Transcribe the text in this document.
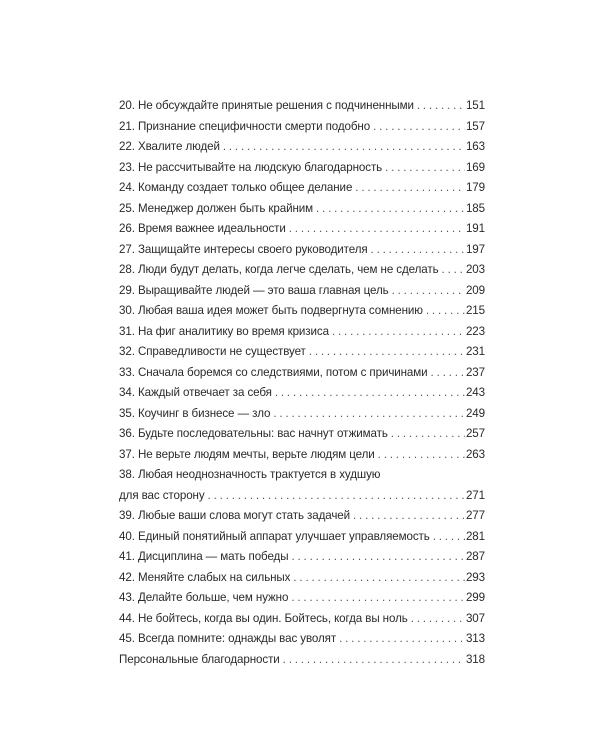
20. Не обсуждайте принятые решения с подчиненными . . .	151
21. Признание специфичности смерти подобно . . .	157
22. Хвалите людей . . .	163
23. Не рассчитывайте на людскую благодарность . . .	169
24. Команду создает только общее делание . . .	179
25. Менеджер должен быть крайним . . .	185
26. Время важнее идеальности . . .	191
27. Защищайте интересы своего руководителя . . .	197
28. Люди будут делать, когда легче сделать, чем не сделать . . . 203
29. Выращивайте людей — это ваша главная цель . . .	209
30. Любая ваша идея может быть подвергнута сомнению . . .	215
31. На фиг аналитику во время кризиса . . .	223
32. Справедливости не существует . . .	231
33. Сначала боремся со следствиями, потом с причинами . . .	237
34. Каждый отвечает за себя . . .	243
35. Коучинг в бизнесе — зло . . .	249
36. Будьте последовательны: вас начнут отжимать . . .	257
37. Не верьте людям мечты, верьте людям цели . . .	263
38. Любая неоднозначность трактуется в худшую
для вас сторону . . .	271
39. Любые ваши слова могут стать задачей . . .	277
40. Единый понятийный аппарат улучшает управляемость . . .	281
41. Дисциплина — мать победы . . .	287
42. Меняйте слабых на сильных . . .	293
43. Делайте больше, чем нужно . . .	299
44. Не бойтесь, когда вы один. Бойтесь, когда вы ноль . . .	307
45. Всегда помните: однажды вас уволят . . .	313
Персональные благодарности . . .	318
